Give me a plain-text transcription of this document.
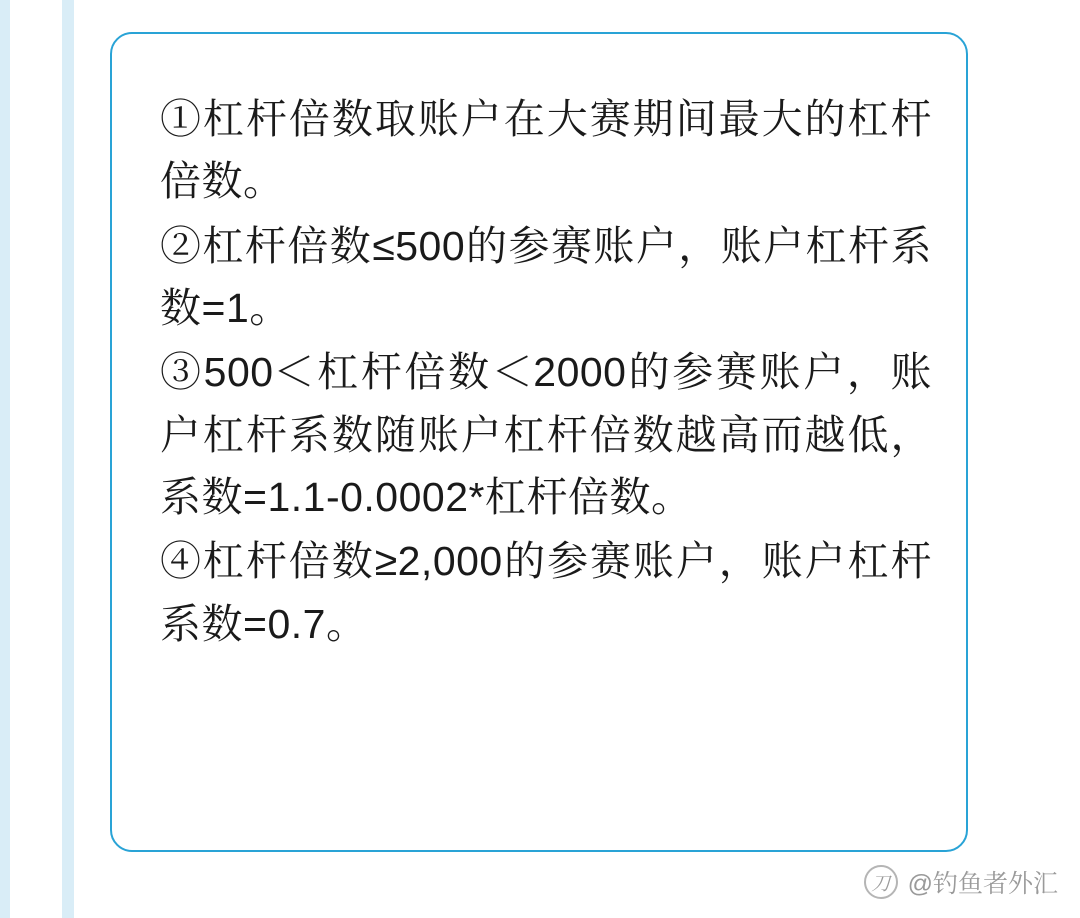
①杠杆倍数取账户在大赛期间最大的杠杆倍数。

②杠杆倍数≤500的参赛账户，账户杠杆系数=1。

③500＜杠杆倍数＜2000的参赛账户，账户杠杆系数随账户杠杆倍数越高而越低，系数=1.1-0.0002*杠杆倍数。

④杠杆倍数≥2,000的参赛账户，账户杠杆系数=0.7。

刀 @钓鱼者外汇
